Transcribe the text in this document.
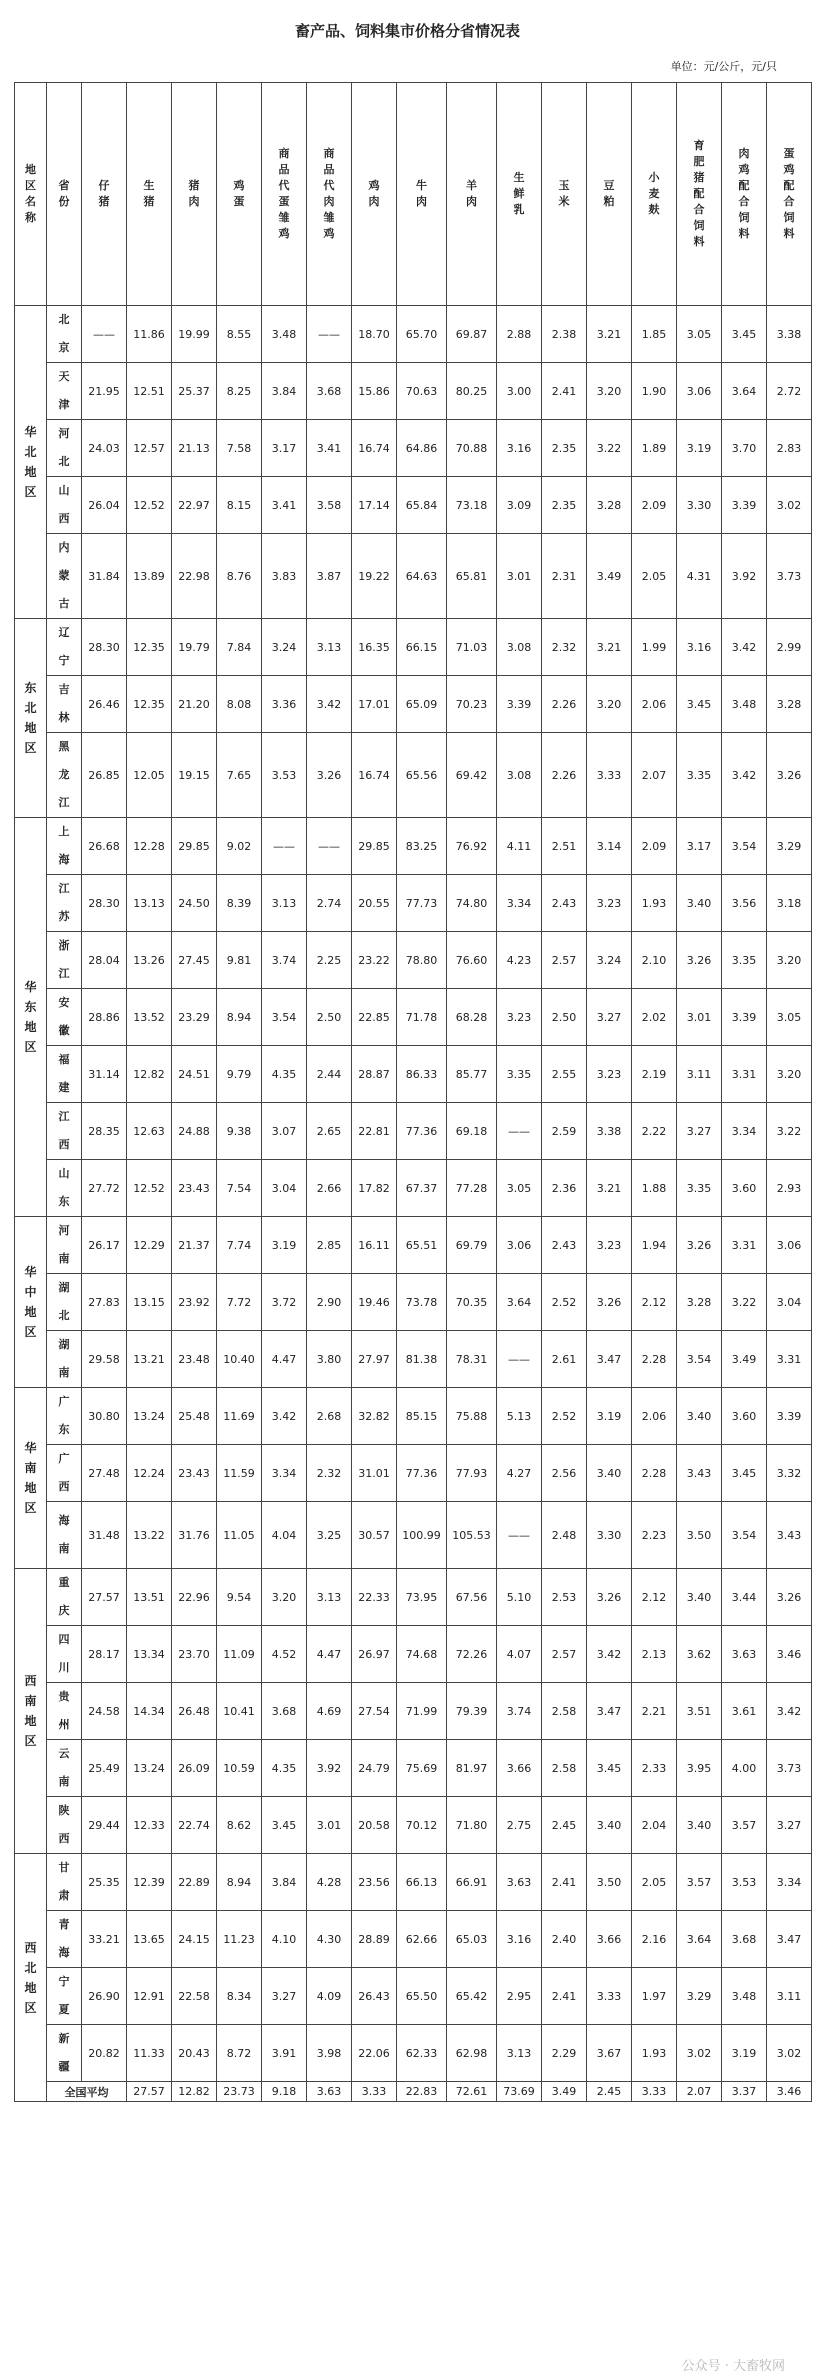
畜产品、饲料集市价格分省情况表
单位：元/公斤，元/只
地区名称	省份	仔猪	生猪	猪肉	鸡蛋	商品代蛋雏鸡	商品代肉雏鸡	鸡肉	牛肉	羊肉	生鲜乳	玉米	豆粕	小麦麸	育肥猪配合饲料	肉鸡配合饲料	蛋鸡配合饲料	
华北地区	北京	——	11.86	19.99	8.55	3.48	——	18.70	65.70	69.87	2.88	2.38	3.21	1.85	3.05	3.45	3.38	
	天津	21.95	12.51	25.37	8.25	3.84	3.68	15.86	70.63	80.25	3.00	2.41	3.20	1.90	3.06	3.64	2.72	
	河北	24.03	12.57	21.13	7.58	3.17	3.41	16.74	64.86	70.88	3.16	2.35	3.22	1.89	3.19	3.70	2.83	
	山西	26.04	12.52	22.97	8.15	3.41	3.58	17.14	65.84	73.18	3.09	2.35	3.28	2.09	3.30	3.39	3.02	
	内蒙古	31.84	13.89	22.98	8.76	3.83	3.87	19.22	64.63	65.81	3.01	2.31	3.49	2.05	4.31	3.92	3.73	
东北地区	辽宁	28.30	12.35	19.79	7.84	3.24	3.13	16.35	66.15	71.03	3.08	2.32	3.21	1.99	3.16	3.42	2.99	
	吉林	26.46	12.35	21.20	8.08	3.36	3.42	17.01	65.09	70.23	3.39	2.26	3.20	2.06	3.45	3.48	3.28	
	黑龙江	26.85	12.05	19.15	7.65	3.53	3.26	16.74	65.56	69.42	3.08	2.26	3.33	2.07	3.35	3.42	3.26	
华东地区	上海	26.68	12.28	29.85	9.02	——	——	29.85	83.25	76.92	4.11	2.51	3.14	2.09	3.17	3.54	3.29	
	江苏	28.30	13.13	24.50	8.39	3.13	2.74	20.55	77.73	74.80	3.34	2.43	3.23	1.93	3.40	3.56	3.18	
	浙江	28.04	13.26	27.45	9.81	3.74	2.25	23.22	78.80	76.60	4.23	2.57	3.24	2.10	3.26	3.35	3.20	
	安徽	28.86	13.52	23.29	8.94	3.54	2.50	22.85	71.78	68.28	3.23	2.50	3.27	2.02	3.01	3.39	3.05	
	福建	31.14	12.82	24.51	9.79	4.35	2.44	28.87	86.33	85.77	3.35	2.55	3.23	2.19	3.11	3.31	3.20	
	江西	28.35	12.63	24.88	9.38	3.07	2.65	22.81	77.36	69.18	——	2.59	3.38	2.22	3.27	3.34	3.22	
	山东	27.72	12.52	23.43	7.54	3.04	2.66	17.82	67.37	77.28	3.05	2.36	3.21	1.88	3.35	3.60	2.93	
华中地区	河南	26.17	12.29	21.37	7.74	3.19	2.85	16.11	65.51	69.79	3.06	2.43	3.23	1.94	3.26	3.31	3.06	
	湖北	27.83	13.15	23.92	7.72	3.72	2.90	19.46	73.78	70.35	3.64	2.52	3.26	2.12	3.28	3.22	3.04	
	湖南	29.58	13.21	23.48	10.40	4.47	3.80	27.97	81.38	78.31	——	2.61	3.47	2.28	3.54	3.49	3.31	
华南地区	广东	30.80	13.24	25.48	11.69	3.42	2.68	32.82	85.15	75.88	5.13	2.52	3.19	2.06	3.40	3.60	3.39	
	广西	27.48	12.24	23.43	11.59	3.34	2.32	31.01	77.36	77.93	4.27	2.56	3.40	2.28	3.43	3.45	3.32	
	海南	31.48	13.22	31.76	11.05	4.04	3.25	30.57	100.99	105.53	——	2.48	3.30	2.23	3.50	3.54	3.43	
西南地区	重庆	27.57	13.51	22.96	9.54	3.20	3.13	22.33	73.95	67.56	5.10	2.53	3.26	2.12	3.40	3.44	3.26	
	四川	28.17	13.34	23.70	11.09	4.52	4.47	26.97	74.68	72.26	4.07	2.57	3.42	2.13	3.62	3.63	3.46	
	贵州	24.58	14.34	26.48	10.41	3.68	4.69	27.54	71.99	79.39	3.74	2.58	3.47	2.21	3.51	3.61	3.42	
	云南	25.49	13.24	26.09	10.59	4.35	3.92	24.79	75.69	81.97	3.66	2.58	3.45	2.33	3.95	4.00	3.73	
	陕西	29.44	12.33	22.74	8.62	3.45	3.01	20.58	70.12	71.80	2.75	2.45	3.40	2.04	3.40	3.57	3.27	
西北地区	甘肃	25.35	12.39	22.89	8.94	3.84	4.28	23.56	66.13	66.91	3.63	2.41	3.50	2.05	3.57	3.53	3.34	
	青海	33.21	13.65	24.15	11.23	4.10	4.30	28.89	62.66	65.03	3.16	2.40	3.66	2.16	3.64	3.68	3.47	
	宁夏	26.90	12.91	22.58	8.34	3.27	4.09	26.43	65.50	65.42	2.95	2.41	3.33	1.97	3.29	3.48	3.11	
	新疆	20.82	11.33	20.43	8.72	3.91	3.98	22.06	62.33	62.98	3.13	2.29	3.67	1.93	3.02	3.19	3.02	
	全国平均		27.57	12.82	23.73	9.18	3.63	3.33	22.83	72.61	73.69	3.49	2.45	3.33	2.07	3.37	3.46	
公众号 · 大畜牧网
